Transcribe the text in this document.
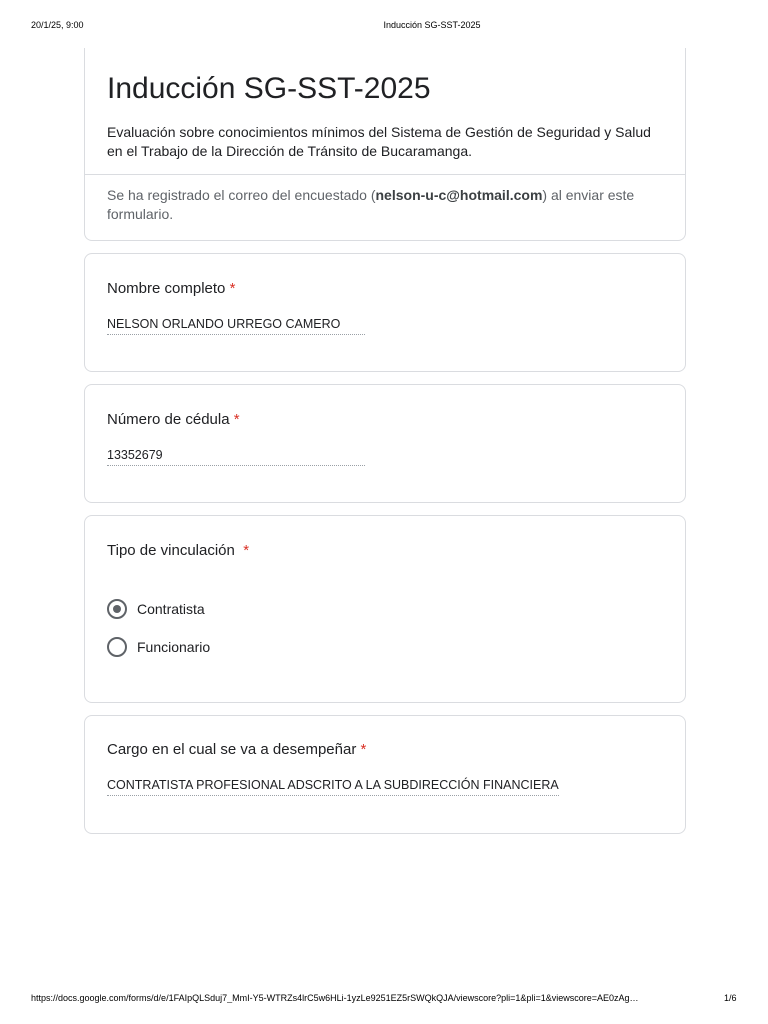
20/1/25, 9:00	Inducción SG-SST-2025
Inducción SG-SST-2025

Evaluación sobre conocimientos mínimos del Sistema de Gestión de Seguridad y Salud en el Trabajo de la Dirección de Tránsito de Bucaramanga.

Se ha registrado el correo del encuestado (nelson-u-c@hotmail.com) al enviar este formulario.

Nombre completo *

NELSON ORLANDO URREGO CAMERO

Número de cédula *

13352679

Tipo de vinculación *

Contratista
Funcionario

Cargo en el cual se va a desempeñar *

CONTRATISTA PROFESIONAL ADSCRITO A LA SUBDIRECCIÓN FINANCIERA
https://docs.google.com/forms/d/e/1FAIpQLSduj7_MmI-Y5-WTRZs4lrC5w6HLi-1yzLe9251EZ5rSWQkQJA/viewscore?pli=1&pli=1&viewscore=AE0zAg…	1/6
